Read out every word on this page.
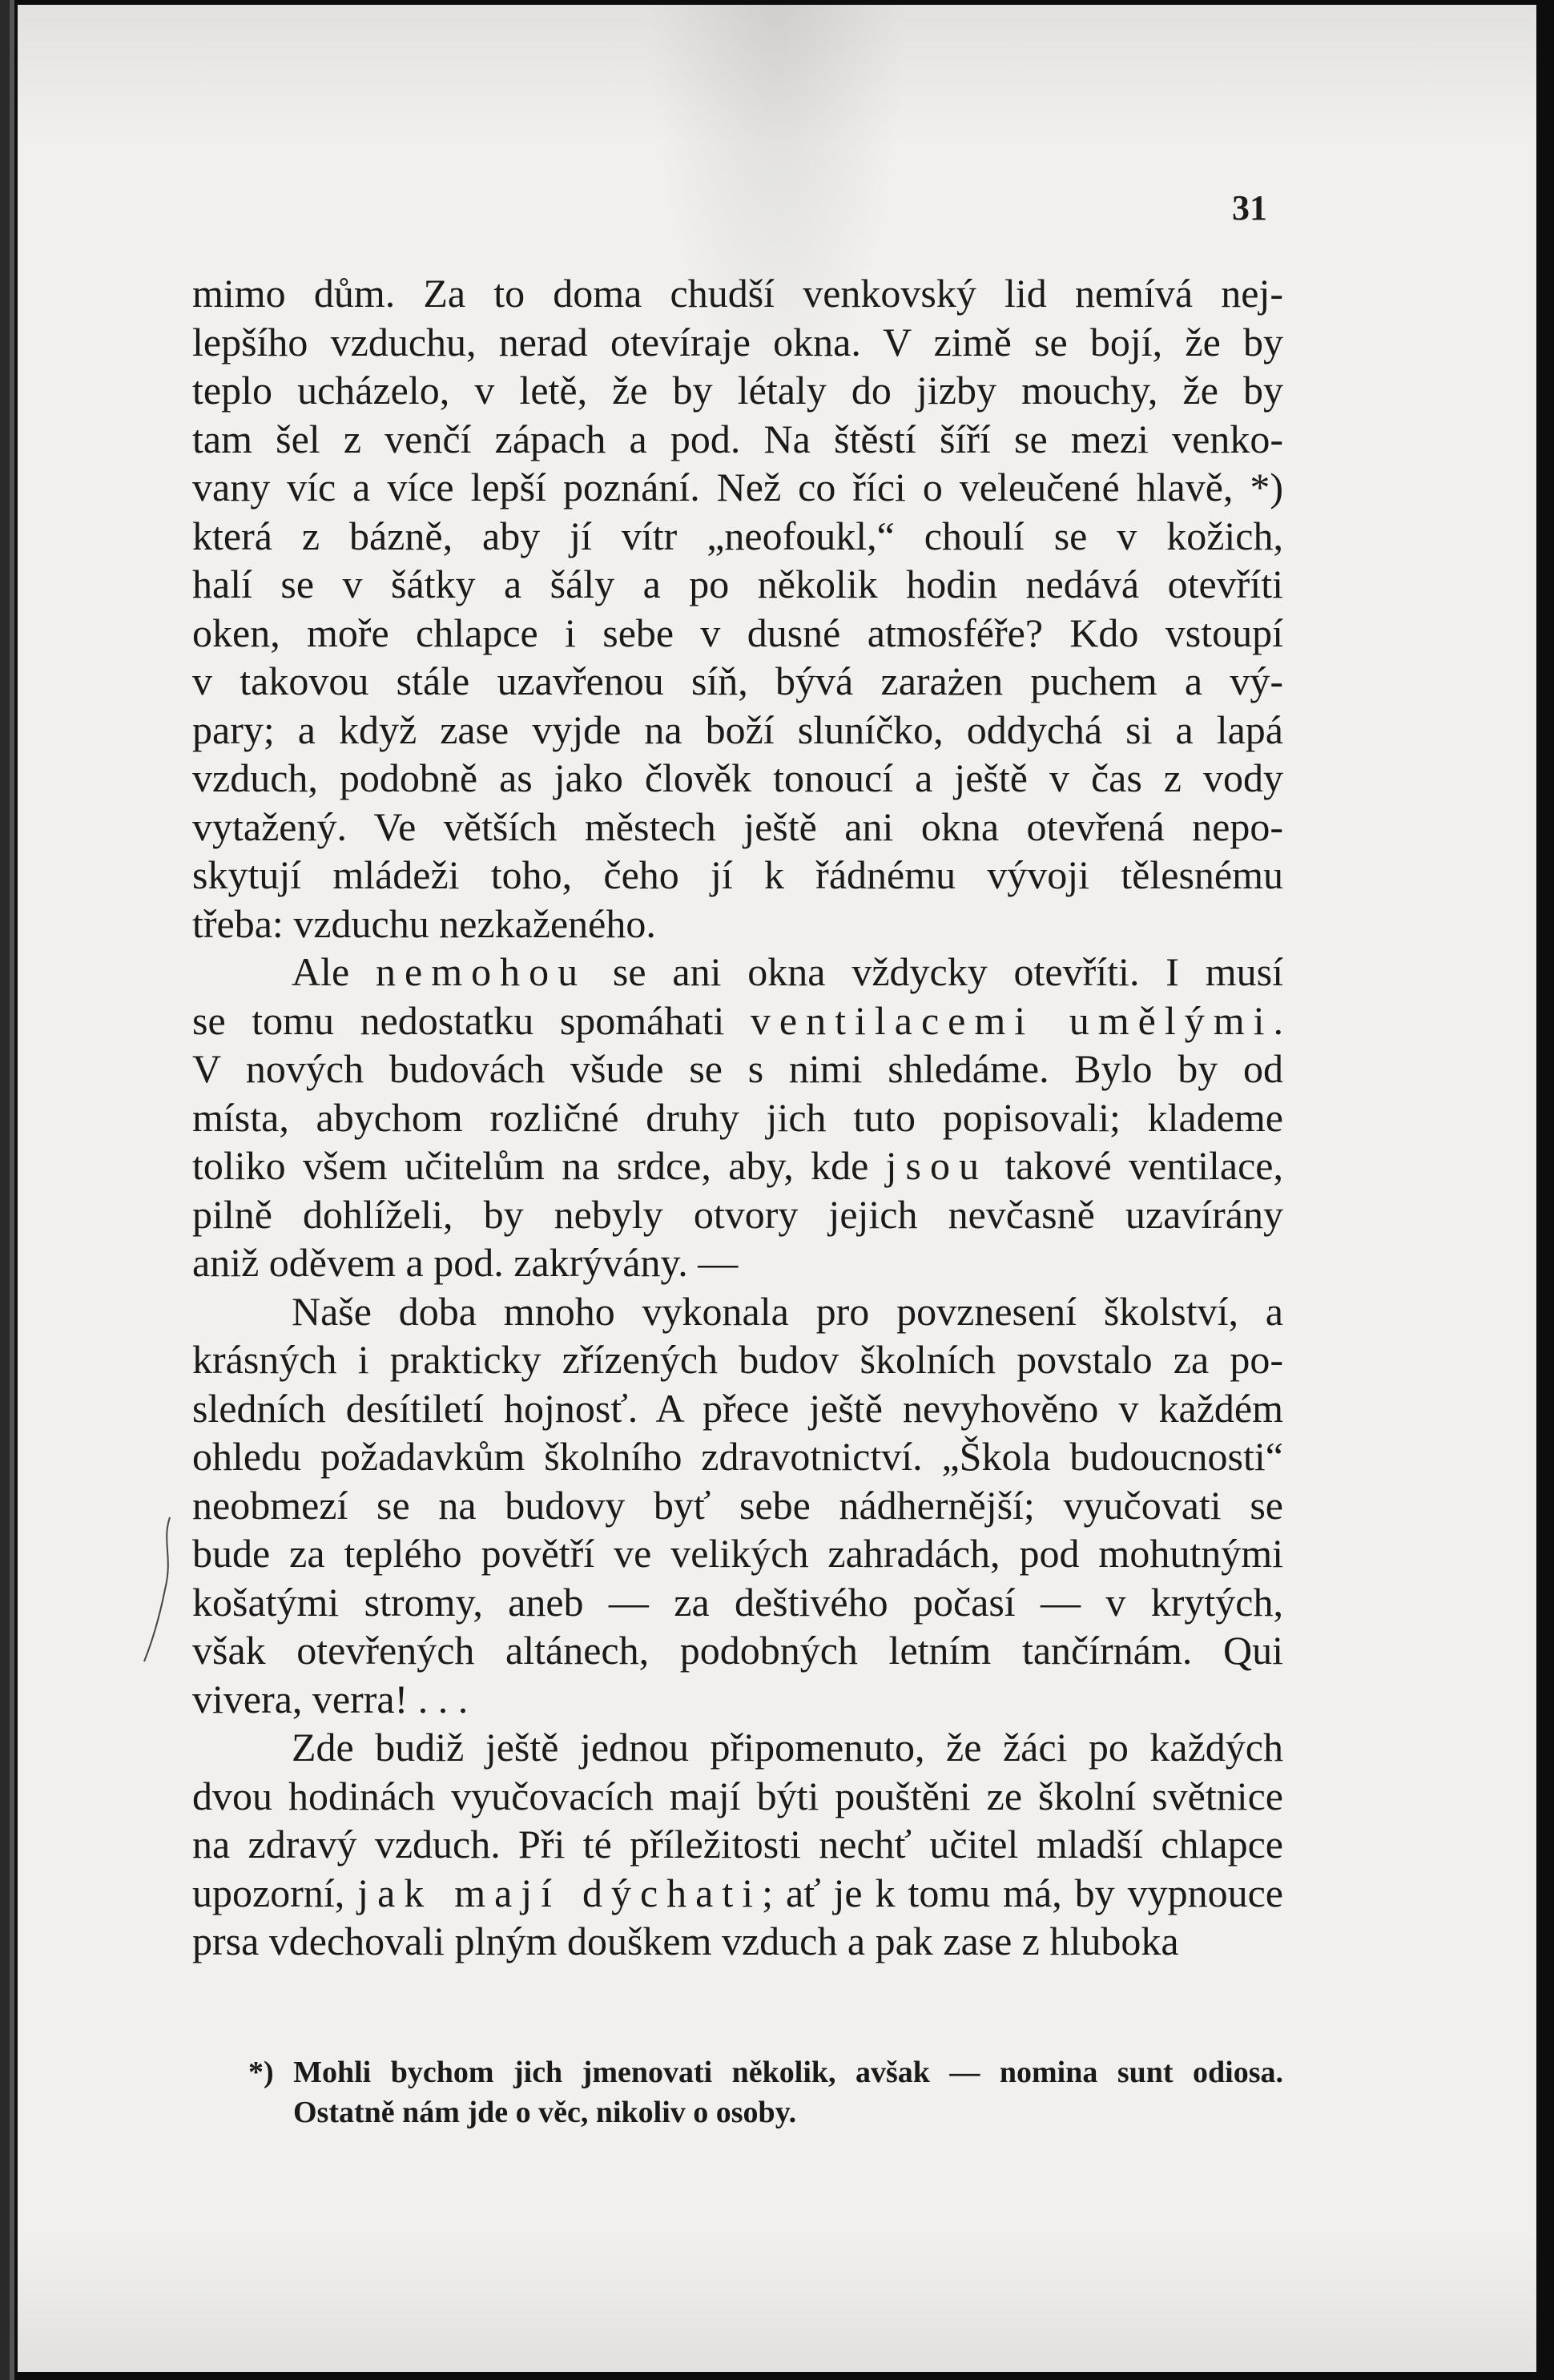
31

mimo dům. Za to doma chudší venkovský lid nemívá nej-
lepšího vzduchu, nerad otevíraje okna. V zimě se bojí, že by
teplo ucházelo, v letě, že by létaly do jizby mouchy, že by
tam šel z venčí zápach a pod. Na štěstí šíří se mezi venko-
vany víc a více lepší poznání. Než co říci o veleučené hlavě, *)
která z bázně, aby jí vítr „neofoukl,“ choulí se v kožich,
halí se v šátky a šály a po několik hodin nedává otevříti
oken, moře chlapce i sebe v dusné atmosféře? Kdo vstoupí
v takovou stále uzavřenou síň, bývá zarażen puchem a vý-
pary; a když zase vyjde na boží sluníčko, oddychá si a lapá
vzduch, podobně as jako člověk tonoucí a ještě v čas z vody
vytažený. Ve větších městech ještě ani okna otevřená nepo-
skytují mládeži toho, čeho jí k řádnému vývoji tělesnému
třeba: vzduchu nezkaženého.

Ale nemohou se ani okna vždycky otevříti. I musí
se tomu nedostatku spomáhati ventilacemi umělými.
V nových budovách všude se s nimi shledáme. Bylo by od
místa, abychom rozličné druhy jich tuto popisovali; klademe
toliko všem učitelům na srdce, aby, kde jsou takové ventilace,
pilně dohlíželi, by nebyly otvory jejich nevčasně uzavírány
aniž oděvem a pod. zakrývány. —

Naše doba mnoho vykonala pro povznesení školství, a
krásných i prakticky zřízených budov školních povstalo za po-
sledních desítiletí hojnosť. A přece ještě nevyhověno v každém
ohledu požadavkům školního zdravotnictví. „Škola budoucnosti“
neobmezí se na budovy byť sebe nádhernější; vyučovati se
bude za teplého povětří ve velikých zahradách, pod mohutnými
košatými stromy, aneb — za deštivého počasí — v krytých,
však otevřených altánech, podobných letním tančírnám. Qui
vivera, verra! . . .

Zde budiž ještě jednou připomenuto, že žáci po každých
dvou hodinách vyučovacích mají býti pouštěni ze školní světnice
na zdravý vzduch. Při té příležitosti nechť učitel mladší chlapce
upozorní, jak mají dýchati; ať je k tomu má, by vypnouce
prsa vdechovali plným douškem vzduch a pak zase z hluboka

*) Mohli bychom jich jmenovati několik, avšak — nomina sunt odiosa.
Ostatně nám jde o věc, nikoliv o osoby.
